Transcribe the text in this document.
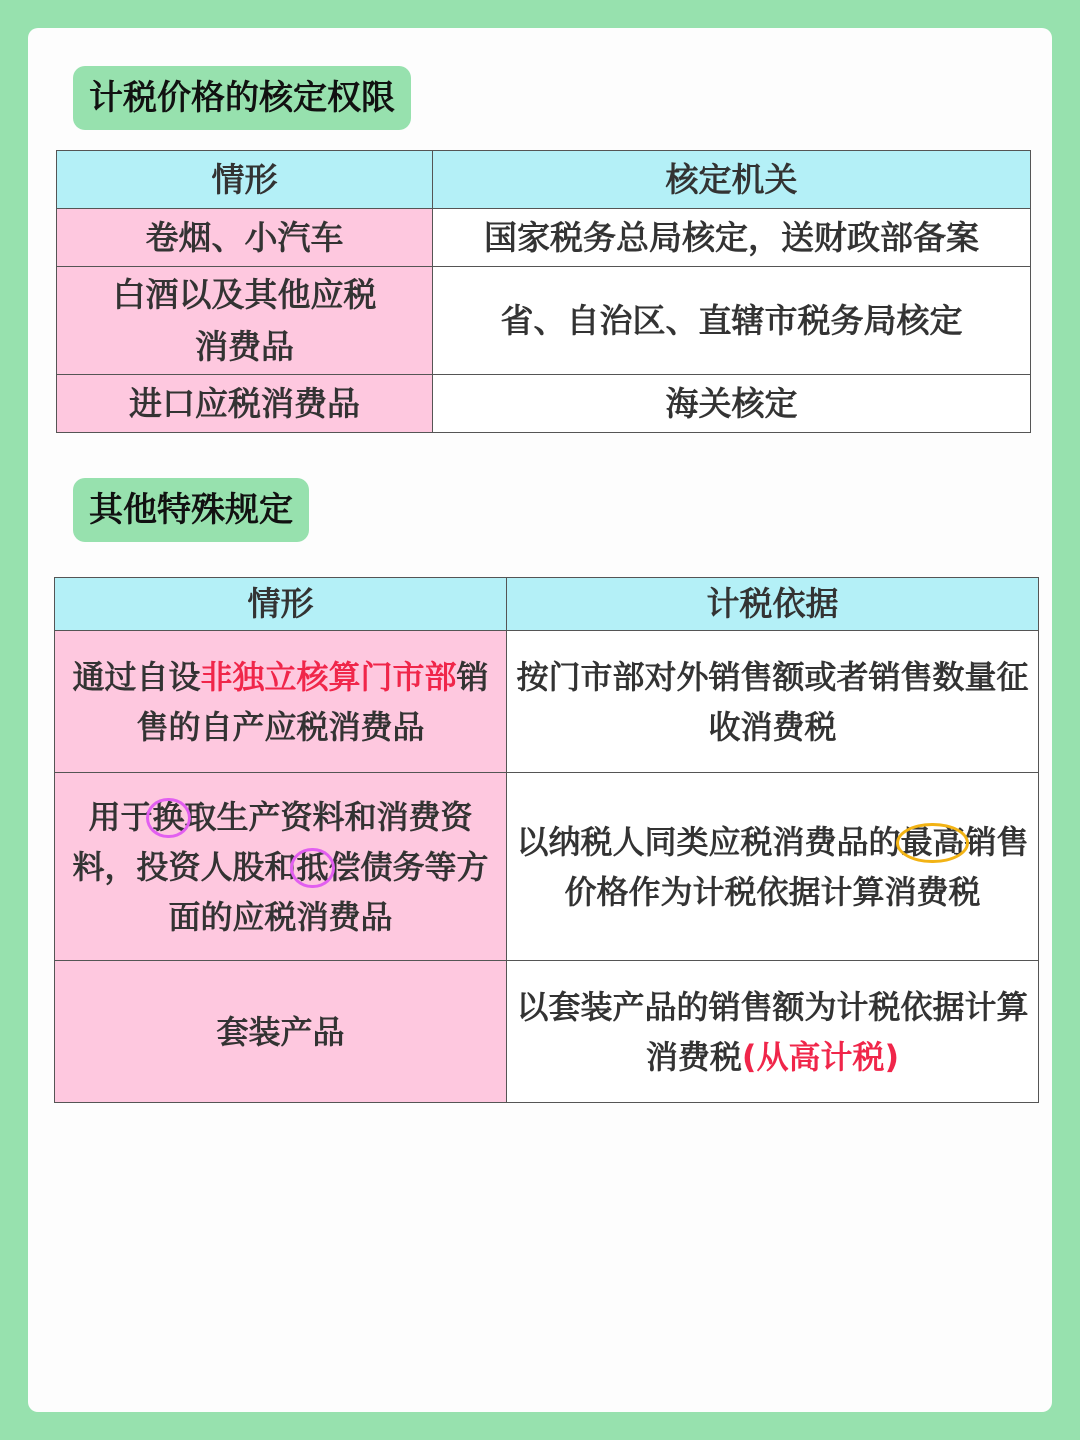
计税价格的核定权限
情形	核定机关
卷烟、小汽车	国家税务总局核定，送财政部备案
白酒以及其他应税消费品	省、自治区、直辖市税务局核定
进口应税消费品	海关核定
其他特殊规定
情形	计税依据
通过自设非独立核算门市部销售的自产应税消费品	按门市部对外销售额或者销售数量征收消费税
用于换取生产资料和消费资料，投资人股和抵偿债务等方面的应税消费品	以纳税人同类应税消费品的最高销售价格作为计税依据计算消费税
套装产品	以套装产品的销售额为计税依据计算消费税(从高计税)
